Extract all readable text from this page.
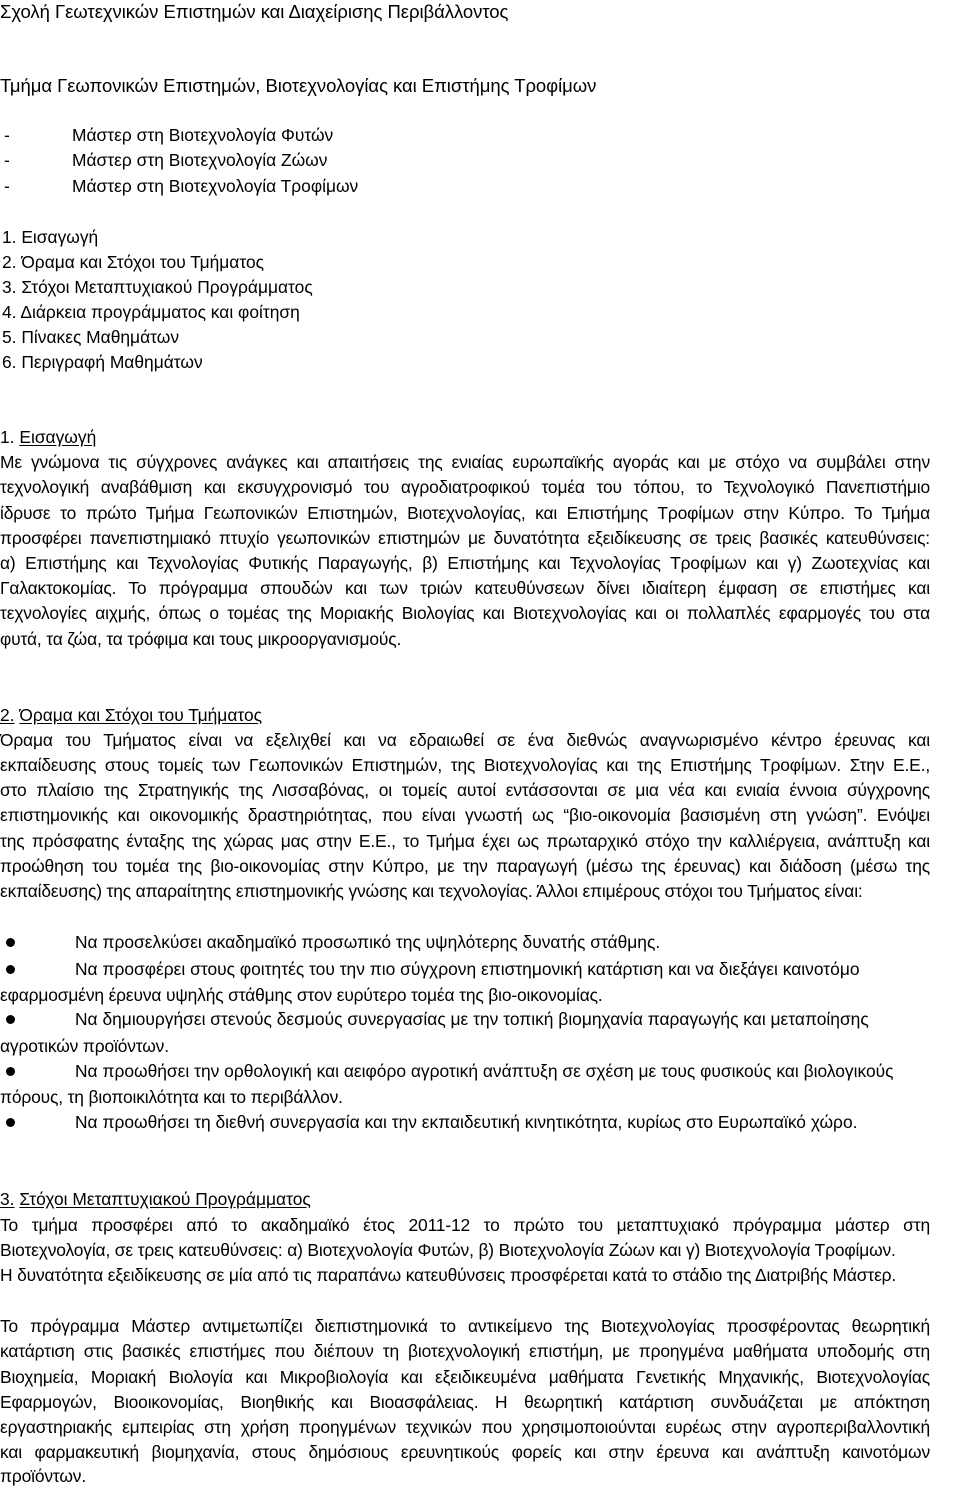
Σχολή Γεωτεχνικών Επιστημών και Διαχείρισης Περιβάλλοντος
Τμήμα Γεωπονικών Επιστημών, Βιοτεχνολογίας και Επιστήμης Τροφίμων
-	Μάστερ στη Βιοτεχνολογία Φυτών
-	Μάστερ στη Βιοτεχνολογία Ζώων
-	Μάστερ στη Βιοτεχνολογία Τροφίμων
1. Εισαγωγή
2. Όραμα και Στόχοι του Τμήματος
3. Στόχοι Μεταπτυχιακού Προγράμματος
4. Διάρκεια προγράμματος και φοίτηση
5. Πίνακες Μαθημάτων
6. Περιγραφή Μαθημάτων
1. Εισαγωγή
Με γνώμονα τις σύγχρονες ανάγκες και απαιτήσεις της ενιαίας ευρωπαϊκής αγοράς και με στόχο να συμβάλει στην
τεχνολογική αναβάθμιση και εκσυγχρονισμό του αγροδιατροφικού τομέα του τόπου, το Τεχνολογικό Πανεπιστήμιο
ίδρυσε το πρώτο Τμήμα Γεωπονικών Επιστημών, Βιοτεχνολογίας, και Επιστήμης Τροφίμων στην Κύπρο. Το Τμήμα
προσφέρει πανεπιστημιακό πτυχίο γεωπονικών επιστημών με δυνατότητα εξειδίκευσης σε τρεις βασικές κατευθύνσεις:
α) Επιστήμης και Τεχνολογίας Φυτικής Παραγωγής, β) Επιστήμης και Τεχνολογίας Τροφίμων και γ) Ζωοτεχνίας και
Γαλακτοκομίας. Το πρόγραμμα σπουδών και των τριών κατευθύνσεων δίνει ιδιαίτερη έμφαση σε επιστήμες και
τεχνολογίες αιχμής, όπως ο τομέας της Μοριακής Βιολογίας και Βιοτεχνολογίας και οι πολλαπλές εφαρμογές του στα
φυτά, τα ζώα, τα τρόφιμα και τους μικροοργανισμούς.
2. Όραμα και Στόχοι του Τμήματος
Όραμα του Τμήματος είναι να εξελιχθεί και να εδραιωθεί σε ένα διεθνώς αναγνωρισμένο κέντρο έρευνας και
εκπαίδευσης στους τομείς των Γεωπονικών Επιστημών, της Βιοτεχνολογίας και της Επιστήμης Τροφίμων. Στην Ε.Ε.,
στο πλαίσιο της Στρατηγικής της Λισσαβόνας, οι τομείς αυτοί εντάσσονται σε μια νέα και ενιαία έννοια σύγχρονης
επιστημονικής και οικονομικής δραστηριότητας, που είναι γνωστή ως “βιο-οικονομία βασισμένη στη γνώση”. Ενόψει
της πρόσφατης ένταξης της χώρας μας στην Ε.Ε., το Τμήμα έχει ως πρωταρχικό στόχο την καλλιέργεια, ανάπτυξη και
προώθηση του τομέα της βιο-οικονομίας στην Κύπρο, με την παραγωγή (μέσω της έρευνας) και διάδοση (μέσω της
εκπαίδευσης) της απαραίτητης επιστημονικής γνώσης και τεχνολογίας. Άλλοι επιμέρους στόχοι του Τμήματος είναι:
Να προσελκύσει ακαδημαϊκό προσωπικό της υψηλότερης δυνατής στάθμης.
Να προσφέρει στους φοιτητές του την πιο σύγχρονη επιστημονική κατάρτιση και να διεξάγει καινοτόμο
εφαρμοσμένη έρευνα υψηλής στάθμης στον ευρύτερο τομέα της βιο-οικονομίας.
Να δημιουργήσει στενούς δεσμούς συνεργασίας με την τοπική βιομηχανία παραγωγής και μεταποίησης
αγροτικών προϊόντων.
Να προωθήσει την ορθολογική και αειφόρο αγροτική ανάπτυξη σε σχέση με τους φυσικούς και βιολογικούς
πόρους, τη βιοποικιλότητα και το περιβάλλον.
Να προωθήσει τη διεθνή συνεργασία και την εκπαιδευτική κινητικότητα, κυρίως στο Ευρωπαϊκό χώρο.
3. Στόχοι Μεταπτυχιακού Προγράμματος
Το τμήμα προσφέρει από το ακαδημαϊκό έτος 2011-12 το πρώτο του μεταπτυχιακό πρόγραμμα μάστερ στη
Βιοτεχνολογία, σε τρεις κατευθύνσεις: α) Βιοτεχνολογία Φυτών, β) Βιοτεχνολογία Ζώων και γ) Βιοτεχνολογία Τροφίμων.
Η δυνατότητα εξειδίκευσης σε μία από τις παραπάνω κατευθύνσεις προσφέρεται κατά το στάδιο της Διατριβής Μάστερ.
Το πρόγραμμα Μάστερ αντιμετωπίζει διεπιστημονικά το αντικείμενο της Βιοτεχνολογίας προσφέροντας θεωρητική
κατάρτιση στις βασικές επιστήμες που διέπουν τη βιοτεχνολογική επιστήμη, με προηγμένα μαθήματα υποδομής στη
Βιοχημεία, Μοριακή Βιολογία και Μικροβιολογία και εξειδικευμένα μαθήματα Γενετικής Μηχανικής, Βιοτεχνολογίας
Εφαρμογών, Βιοοικονομίας, Βιοηθικής και Βιοασφάλειας. Η θεωρητική κατάρτιση συνδυάζεται με απόκτηση
εργαστηριακής εμπειρίας στη χρήση προηγμένων τεχνικών που χρησιμοποιούνται ευρέως στην αγροπεριβαλλοντική
και φαρμακευτική βιομηχανία, στους δημόσιους ερευνητικούς φορείς και στην έρευνα και ανάπτυξη καινοτόμων
προϊόντων.
